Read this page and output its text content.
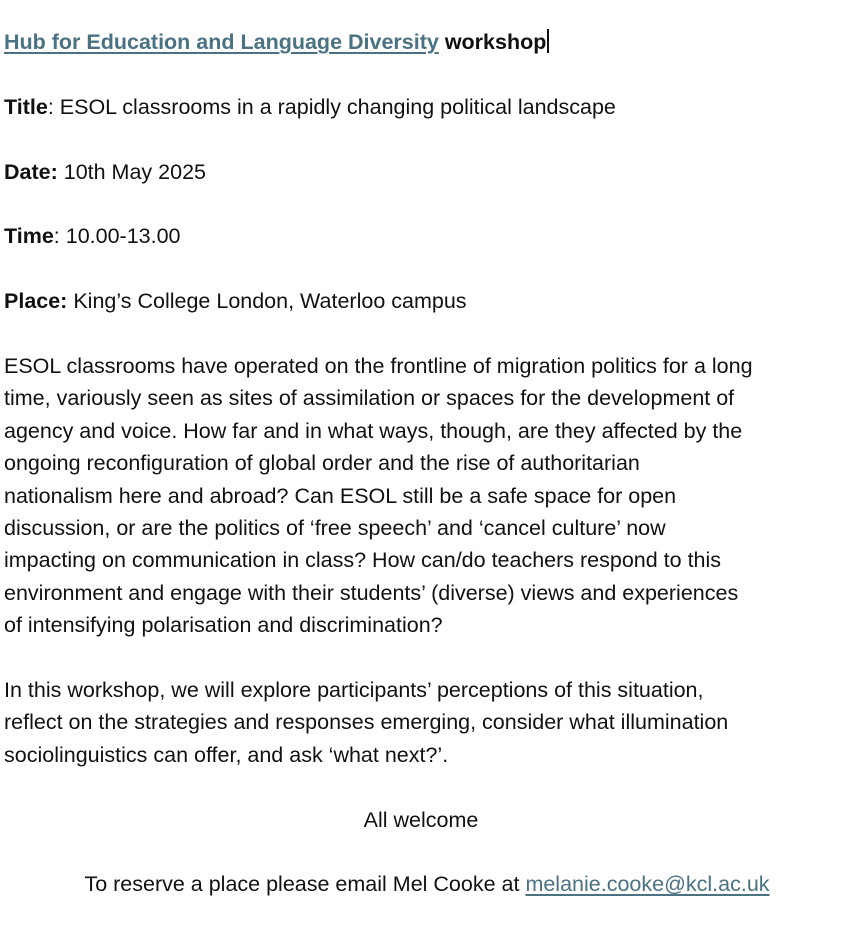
Hub for Education and Language Diversity workshop

Title: ESOL classrooms in a rapidly changing political landscape

Date: 10th May 2025

Time: 10.00-13.00

Place: King’s College London, Waterloo campus

ESOL classrooms have operated on the frontline of migration politics for a long
time, variously seen as sites of assimilation or spaces for the development of
agency and voice. How far and in what ways, though, are they affected by the
ongoing reconfiguration of global order and the rise of authoritarian
nationalism here and abroad? Can ESOL still be a safe space for open
discussion, or are the politics of ‘free speech’ and ‘cancel culture’ now
impacting on communication in class? How can/do teachers respond to this
environment and engage with their students’ (diverse) views and experiences
of intensifying polarisation and discrimination?

In this workshop, we will explore participants’ perceptions of this situation,
reflect on the strategies and responses emerging, consider what illumination
sociolinguistics can offer, and ask ‘what next?’.

All welcome

To reserve a place please email Mel Cooke at melanie.cooke@kcl.ac.uk
